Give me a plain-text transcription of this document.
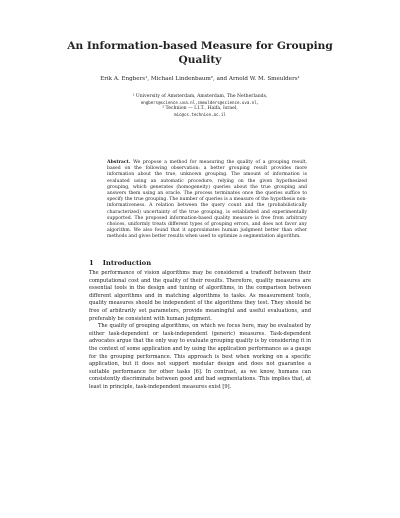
An Information-based Measure for Grouping Quality
Erik A. Engbers¹, Michael Lindenbaum², and Arnold W. M. Smeulders¹
¹ University of Amsterdam, Amsterdam, The Netherlands,
engbers@science.uva.nl,smeulders@science.uva.nl,
² Technion — I.I.T., Haifa, Israel,
mic@cs.technion.ac.il
Abstract. We propose a method for measuring the quality of a grouping result, based on the following observation: a better grouping result provides more information about the true, unknown grouping. The amount of information is evaluated using an automatic procedure, relying on the given hypothesized grouping, which generates (homogeneity) queries about the true grouping and answers them using an oracle. The process terminates once the queries suffice to specify the true grouping. The number of queries is a measure of the hypothesis non-informativeness. A relation between the query count and the (probabilistically characterized) uncertainty of the true grouping, is established and experimentally supported. The proposed information-based quality measure is free from arbitrary choices, uniformly treats different types of grouping errors, and does not favor any algorithm. We also found that it approximates human judgment better than other methods and gives better results when used to optimize a segmentation algorithm.
1 Introduction

The performance of vision algorithms may be considered a tradeoff between their computational cost and the quality of their results. Therefore, quality measures are essential tools in the design and tuning of algorithms, in the comparison between different algorithms and in matching algorithms to tasks. As measurement tools, quality measures should be independent of the algorithms they test. They should be free of arbitrarily set parameters, provide meaningful and useful evaluations, and preferably be consistent with human judgment.

The quality of grouping algorithms, on which we focus here, may be evaluated by either task-dependent or task-independent (generic) measures. Task-dependent advocates argue that the only way to evaluate grouping quality is by considering it in the context of some application and by using the application performance as a gauge for the grouping performance. This approach is best when working on a specific application, but it does not support modular design and does not guarantee a suitable performance for other tasks [6]. In contrast, as we know, humans can consistently discriminate between good and bad segmentations. This implies that, at least in principle, task-independent measures exist [9].
